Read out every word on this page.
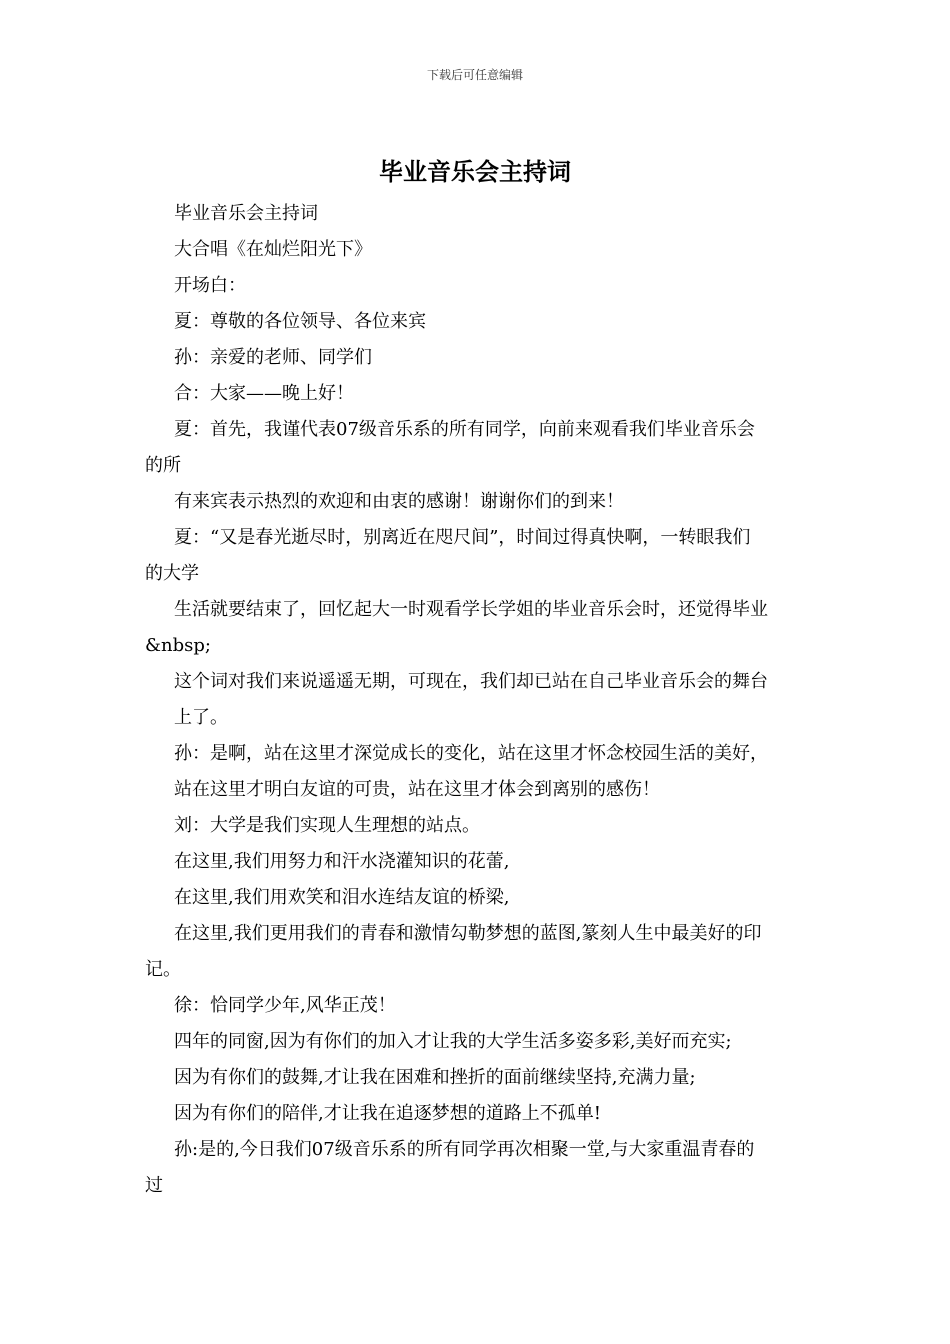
下载后可任意编辑
毕业音乐会主持词
毕业音乐会主持词
大合唱《在灿烂阳光下》
开场白：
夏：尊敬的各位领导、各位来宾
孙：亲爱的老师、同学们
合：大家——晚上好！
夏：首先，我谨代表07级音乐系的所有同学，向前来观看我们毕业音乐会
的所
有来宾表示热烈的欢迎和由衷的感谢！谢谢你们的到来！
夏：“又是春光逝尽时，别离近在咫尺间”，时间过得真快啊，一转眼我们
的大学
生活就要结束了，回忆起大一时观看学长学姐的毕业音乐会时，还觉得毕业
&nbsp;
这个词对我们来说遥遥无期，可现在，我们却已站在自己毕业音乐会的舞台
上了。
孙：是啊，站在这里才深觉成长的变化，站在这里才怀念校园生活的美好，
站在这里才明白友谊的可贵，站在这里才体会到离别的感伤！
刘：大学是我们实现人生理想的站点。
在这里,我们用努力和汗水浇灌知识的花蕾,
在这里,我们用欢笑和泪水连结友谊的桥梁,
在这里,我们更用我们的青春和激情勾勒梦想的蓝图,篆刻人生中最美好的印
记。
徐：恰同学少年,风华正茂！
四年的同窗,因为有你们的加入才让我的大学生活多姿多彩,美好而充实;
因为有你们的鼓舞,才让我在困难和挫折的面前继续坚持,充满力量;
因为有你们的陪伴,才让我在追逐梦想的道路上不孤单!
孙:是的,今日我们07级音乐系的所有同学再次相聚一堂,与大家重温青春的
过
